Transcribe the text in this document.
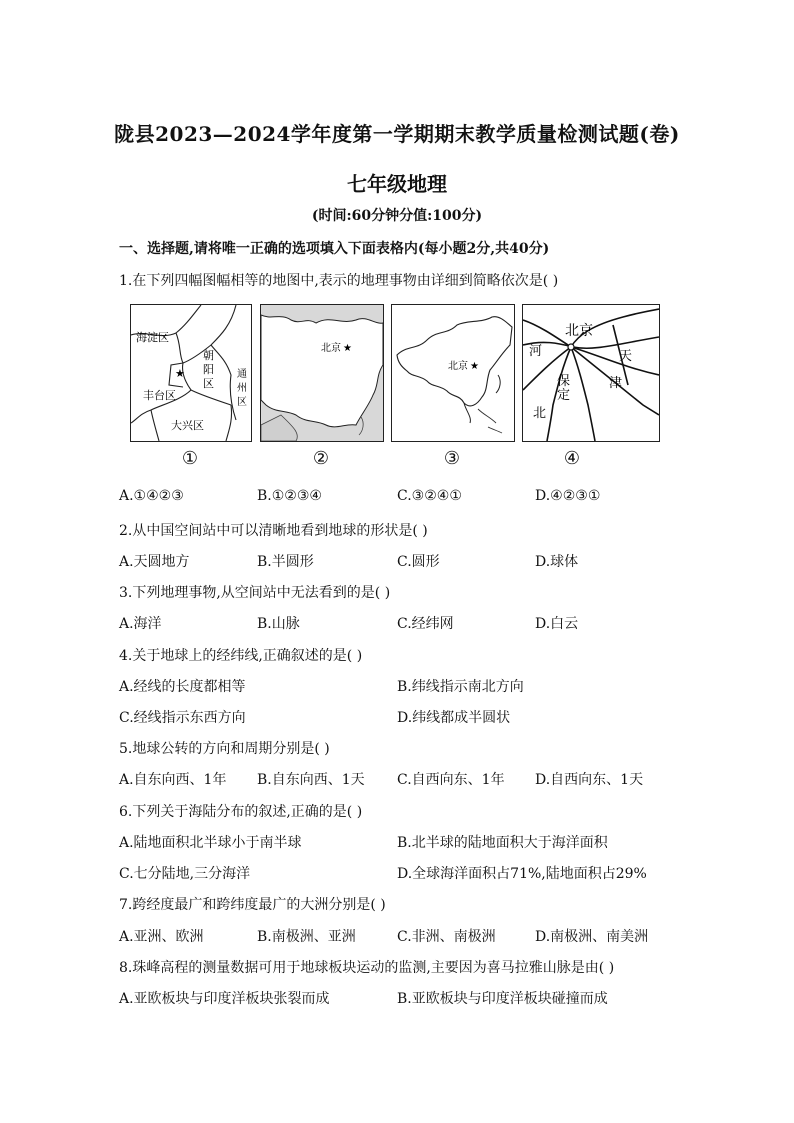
陇县2023—2024学年度第一学期期末教学质量检测试题(卷)
七年级地理
(时间:60分钟分值:100分)
一、选择题,请将唯一正确的选项填入下面表格内(每小题2分,共40分)
1.在下列四幅图幅相等的地图中,表示的地理事物由详细到简略依次是( )
海淀区
朝
阳
区
通
州
区
丰台区
大兴区
★
北京 ★
北京 ★
北京
河	天
保
定
津
北
①	②	③	④
A.①④②③	B.①②③④	C.③②④①	D.④②③①
2.从中国空间站中可以清晰地看到地球的形状是( )
A.天圆地方	B.半圆形	C.圆形	D.球体
3.下列地理事物,从空间站中无法看到的是( )
A.海洋	B.山脉	C.经纬网	D.白云
4.关于地球上的经纬线,正确叙述的是( )
A.经线的长度都相等	B.纬线指示南北方向
C.经线指示东西方向	D.纬线都成半圆状
5.地球公转的方向和周期分别是( )
A.自东向西、1年 B.自东向西、1天 C.自西向东、1年 D.自西向东、1天
6.下列关于海陆分布的叙述,正确的是( )
A.陆地面积北半球小于南半球	B.北半球的陆地面积大于海洋面积
C.七分陆地,三分海洋	D.全球海洋面积占71%,陆地面积占29%
7.跨经度最广和跨纬度最广的大洲分别是( )
A.亚洲、欧洲	B.南极洲、亚洲	C.非洲、南极洲	D.南极洲、南美洲
8.珠峰高程的测量数据可用于地球板块运动的监测,主要因为喜马拉雅山脉是由( )
A.亚欧板块与印度洋板块张裂而成	B.亚欧板块与印度洋板块碰撞而成
